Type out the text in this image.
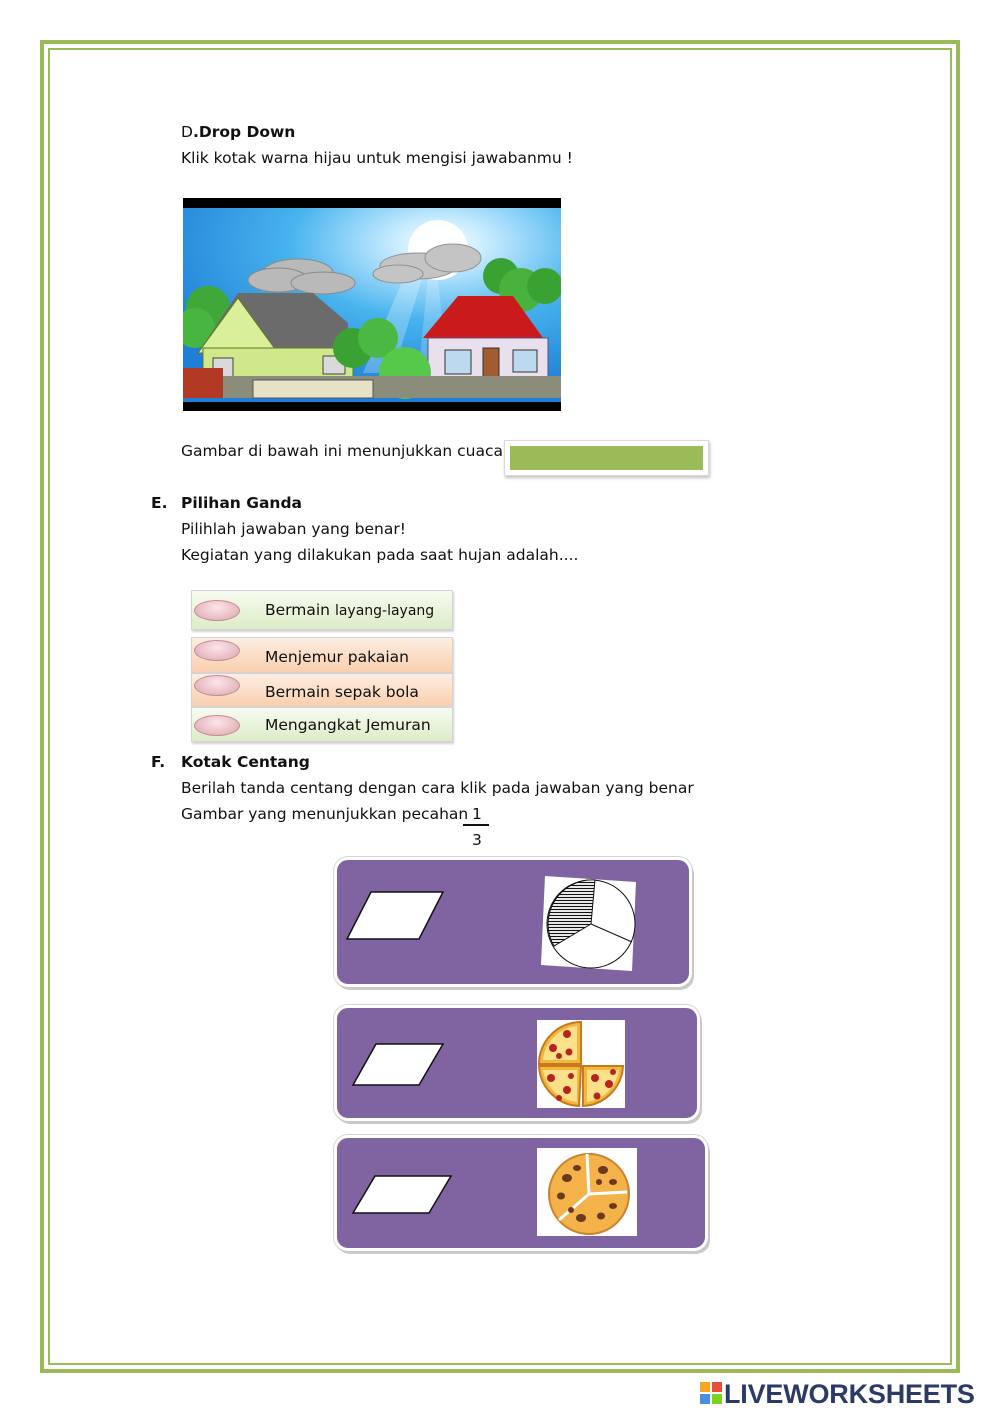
D.Drop Down
Klik kotak warna hijau untuk mengisi jawabanmu !
Gambar di bawah ini menunjukkan cuaca
E. Pilihan Ganda
Pilihlah jawaban yang benar!
Kegiatan yang dilakukan pada saat hujan adalah....
Bermain layang-layang
Menjemur pakaian
Bermain sepak bola
Mengangkat Jemuran
F. Kotak Centang
Berilah tanda centang dengan cara klik pada jawaban yang benar
Gambar yang menunjukkan pecahan 1
3
LIVEWORKSHEETS
